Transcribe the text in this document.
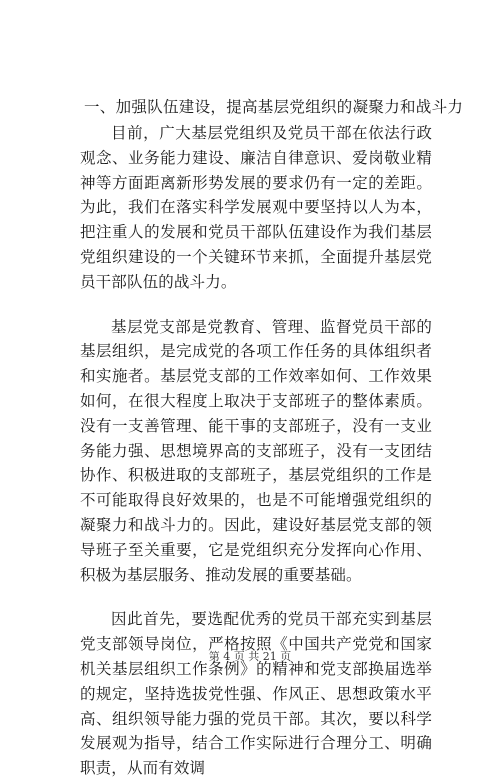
一、加强队伍建设，提高基层党组织的凝聚力和战斗力

目前，广大基层党组织及党员干部在依法行政观念、业务能力建设、廉洁自律意识、爱岗敬业精神等方面距离新形势发展的要求仍有一定的差距。为此，我们在落实科学发展观中要坚持以人为本，把注重人的发展和党员干部队伍建设作为我们基层党组织建设的一个关键环节来抓，全面提升基层党员干部队伍的战斗力。

基层党支部是党教育、管理、监督党员干部的基层组织，是完成党的各项工作任务的具体组织者和实施者。基层党支部的工作效率如何、工作效果如何，在很大程度上取决于支部班子的整体素质。没有一支善管理、能干事的支部班子，没有一支业务能力强、思想境界高的支部班子，没有一支团结协作、积极进取的支部班子，基层党组织的工作是不可能取得良好效果的，也是不可能增强党组织的凝聚力和战斗力的。因此，建设好基层党支部的领导班子至关重要，它是党组织充分发挥向心作用、积极为基层服务、推动发展的重要基础。

因此首先，要选配优秀的党员干部充实到基层党支部领导岗位，严格按照《中国共产党党和国家机关基层组织工作条例》的精神和党支部换届选举的规定，坚持选拔党性强、作风正、思想政策水平高、组织领导能力强的党员干部。其次，要以科学发展观为指导，结合工作实际进行合理分工、明确职责，从而有效调

第 4 页 共 21 页
